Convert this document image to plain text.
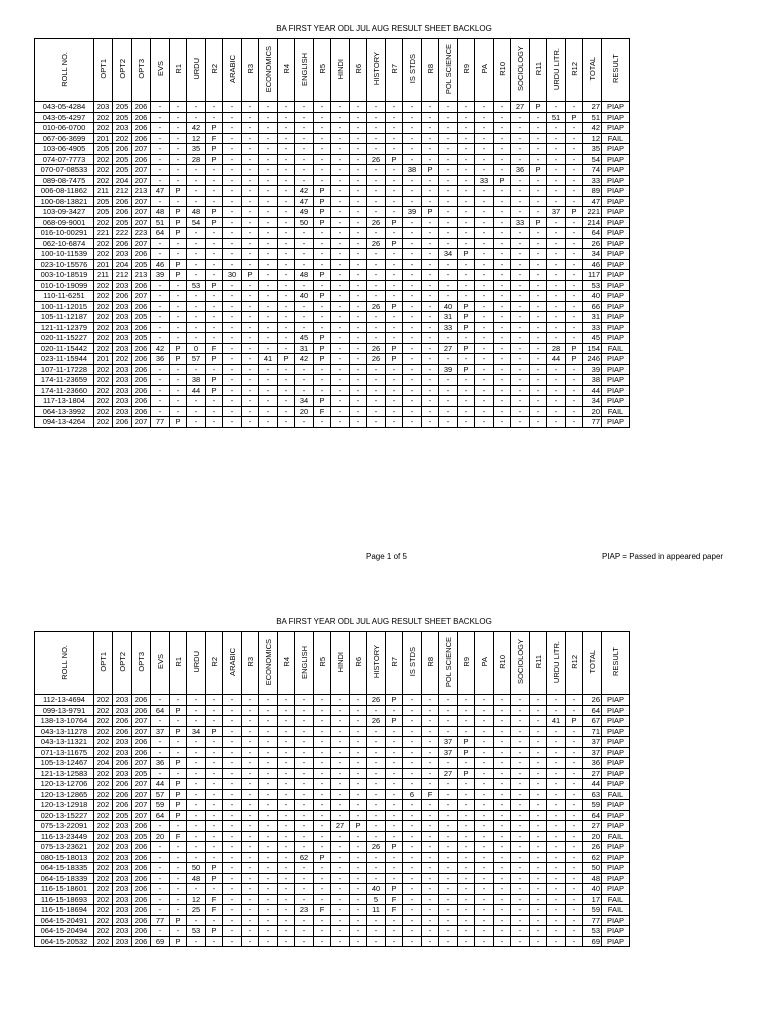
BA FIRST YEAR ODL JUL AUG RESULT SHEET BACKLOG
ROLL NO.	OPT1	OPT2	OPT3	EVS	R1	URDU	R2	ARABIC	R3	ECONOMICS	R4	ENGLISH	R5	HINDI	R6	HISTORY	R7	IS STDS	R8	POL SCIENCE	R9	PA	R10	SOCIOLOGY	R11	URDU LITR.	R12	TOTAL	RESULT
043-05-4284	203	205	206	-	-	-	-	-	-	-	-	-	-	-	-	-	-	-	-	-	-	-	-	27	P	-	-	27	PIAP
043-05-4297	202	205	206	-	-	-	-	-	-	-	-	-	-	-	-	-	-	-	-	-	-	-	-	-	-	51	P	51	PIAP
010-06-0700	202	203	206	-	-	42	P	-	-	-	-	-	-	-	-	-	-	-	-	-	-	-	-	-	-	-	-	42	PIAP
067-06-3699	201	202	206	-	-	12	F	-	-	-	-	-	-	-	-	-	-	-	-	-	-	-	-	-	-	-	-	12	FAIL
103-06-4905	205	206	207	-	-	35	P	-	-	-	-	-	-	-	-	-	-	-	-	-	-	-	-	-	-	-	-	35	PIAP
074-07-7773	202	205	206	-	-	28	P	-	-	-	-	-	-	-	-	26	P	-	-	-	-	-	-	-	-	-	-	54	PIAP
070-07-08533	202	205	207	-	-	-	-	-	-	-	-	-	-	-	-	-	-	38	P	-	-	-	-	36	P	-	-	74	PIAP
089-08-7475	202	204	207	-	-	-	-	-	-	-	-	-	-	-	-	-	-	-	-	-	-	33	P	-	-	-	-	33	PIAP
006-08-11862	211	212	213	47	P	-	-	-	-	-	-	42	P	-	-	-	-	-	-	-	-	-	-	-	-	-	-	89	PIAP
100-08-13821	205	206	207	-	-	-	-	-	-	-	-	47	P	-	-	-	-	-	-	-	-	-	-	-	-	-	-	47	PIAP
103-09-3427	205	206	207	48	P	48	P	-	-	-	-	49	P	-	-	-	-	39	P	-	-	-	-	-	-	37	P	221	PIAP
068-09-9001	202	205	207	51	P	54	P	-	-	-	-	50	P	-	-	26	P	-	-	-	-	-	-	33	P	-	-	214	PIAP
016-10-00291	221	222	223	64	P	-	-	-	-	-	-	-	-	-	-	-	-	-	-	-	-	-	-	-	-	-	-	64	PIAP
062-10-6874	202	206	207	-	-	-	-	-	-	-	-	-	-	-	-	26	P	-	-	-	-	-	-	-	-	-	-	26	PIAP
100-10-11539	202	203	206	-	-	-	-	-	-	-	-	-	-	-	-	-	-	-	-	34	P	-	-	-	-	-	-	34	PIAP
023-10-15576	201	204	205	46	P	-	-	-	-	-	-	-	-	-	-	-	-	-	-	-	-	-	-	-	-	-	-	46	PIAP
003-10-18519	211	212	213	39	P	-	-	30	P	-	-	48	P	-	-	-	-	-	-	-	-	-	-	-	-	-	-	117	PIAP
010-10-19099	202	203	206	-	-	53	P	-	-	-	-	-	-	-	-	-	-	-	-	-	-	-	-	-	-	-	-	53	PIAP
110-11-6251	202	206	207	-	-	-	-	-	-	-	-	40	P	-	-	-	-	-	-	-	-	-	-	-	-	-	-	40	PIAP
100-11-12015	202	203	206	-	-	-	-	-	-	-	-	-	-	-	-	26	P	-	-	40	P	-	-	-	-	-	-	66	PIAP
105-11-12187	202	203	205	-	-	-	-	-	-	-	-	-	-	-	-	-	-	-	-	31	P	-	-	-	-	-	-	31	PIAP
121-11-12379	202	203	206	-	-	-	-	-	-	-	-	-	-	-	-	-	-	-	-	33	P	-	-	-	-	-	-	33	PIAP
020-11-15227	202	203	205	-	-	-	-	-	-	-	-	45	P	-	-	-	-	-	-	-	-	-	-	-	-	-	-	45	PIAP
020-11-15442	202	203	206	42	P	0	F	-	-	-	-	31	P	-	-	26	P	-	-	27	P	-	-	-	-	28	P	154	FAIL
023-11-15944	201	202	206	36	P	57	P	-	-	41	P	42	P	-	-	26	P	-	-	-	-	-	-	-	-	44	P	246	PIAP
107-11-17228	202	203	206	-	-	-	-	-	-	-	-	-	-	-	-	-	-	-	-	39	P	-	-	-	-	-	-	39	PIAP
174-11-23659	202	203	206	-	-	38	P	-	-	-	-	-	-	-	-	-	-	-	-	-	-	-	-	-	-	-	-	38	PIAP
174-11-23660	202	203	206	-	-	44	P	-	-	-	-	-	-	-	-	-	-	-	-	-	-	-	-	-	-	-	-	44	PIAP
117-13-1804	202	203	206	-	-	-	-	-	-	-	-	34	P	-	-	-	-	-	-	-	-	-	-	-	-	-	-	34	PIAP
064-13-3992	202	203	206	-	-	-	-	-	-	-	-	20	F	-	-	-	-	-	-	-	-	-	-	-	-	-	-	20	FAIL
094-13-4264	202	206	207	77	P	-	-	-	-	-	-	-	-	-	-	-	-	-	-	-	-	-	-	-	-	-	-	77	PIAP
Page 1 of 5	PIAP = Passed in appeared paper
BA FIRST YEAR ODL JUL AUG RESULT SHEET BACKLOG
ROLL NO.	OPT1	OPT2	OPT3	EVS	R1	URDU	R2	ARABIC	R3	ECONOMICS	R4	ENGLISH	R5	HINDI	R6	HISTORY	R7	IS STDS	R8	POL SCIENCE	R9	PA	R10	SOCIOLOGY	R11	URDU LITR.	R12	TOTAL	RESULT
112-13-4694	202	203	206	-	-	-	-	-	-	-	-	-	-	-	-	26	P	-	-	-	-	-	-	-	-	-	-	26	PIAP
099-13-9791	202	203	206	64	P	-	-	-	-	-	-	-	-	-	-	-	-	-	-	-	-	-	-	-	-	-	-	64	PIAP
138-13-10764	202	206	207	-	-	-	-	-	-	-	-	-	-	-	-	26	P	-	-	-	-	-	-	-	-	41	P	67	PIAP
043-13-11278	202	206	207	37	P	34	P	-	-	-	-	-	-	-	-	-	-	-	-	-	-	-	-	-	-	-	-	71	PIAP
043-13-11321	202	203	206	-	-	-	-	-	-	-	-	-	-	-	-	-	-	-	-	37	P	-	-	-	-	-	-	37	PIAP
071-13-11675	202	203	206	-	-	-	-	-	-	-	-	-	-	-	-	-	-	-	-	37	P	-	-	-	-	-	-	37	PIAP
105-13-12467	204	206	207	36	P	-	-	-	-	-	-	-	-	-	-	-	-	-	-	-	-	-	-	-	-	-	-	36	PIAP
121-13-12583	202	203	205	-	-	-	-	-	-	-	-	-	-	-	-	-	-	-	-	27	P	-	-	-	-	-	-	27	PIAP
120-13-12706	202	206	207	44	P	-	-	-	-	-	-	-	-	-	-	-	-	-	-	-	-	-	-	-	-	-	-	44	PIAP
120-13-12865	202	206	207	57	P	-	-	-	-	-	-	-	-	-	-	-	-	6	F	-	-	-	-	-	-	-	-	63	FAIL
120-13-12918	202	206	207	59	P	-	-	-	-	-	-	-	-	-	-	-	-	-	-	-	-	-	-	-	-	-	-	59	PIAP
020-13-15227	202	205	207	64	P	-	-	-	-	-	-	-	-	-	-	-	-	-	-	-	-	-	-	-	-	-	-	64	PIAP
075-13-22091	202	203	206	-	-	-	-	-	-	-	-	-	-	27	P	-	-	-	-	-	-	-	-	-	-	-	-	27	PIAP
116-13-23449	202	203	205	20	F	-	-	-	-	-	-	-	-	-	-	-	-	-	-	-	-	-	-	-	-	-	-	20	FAIL
075-13-23621	202	203	206	-	-	-	-	-	-	-	-	-	-	-	-	26	P	-	-	-	-	-	-	-	-	-	-	26	PIAP
080-15-18013	202	203	206	-	-	-	-	-	-	-	-	62	P	-	-	-	-	-	-	-	-	-	-	-	-	-	-	62	PIAP
064-15-18335	202	203	206	-	-	50	P	-	-	-	-	-	-	-	-	-	-	-	-	-	-	-	-	-	-	-	-	50	PIAP
064-15-18339	202	203	206	-	-	48	P	-	-	-	-	-	-	-	-	-	-	-	-	-	-	-	-	-	-	-	-	48	PIAP
116-15-18601	202	203	206	-	-	-	-	-	-	-	-	-	-	-	-	40	P	-	-	-	-	-	-	-	-	-	-	40	PIAP
116-15-18693	202	203	206	-	-	12	F	-	-	-	-	-	-	-	-	5	F	-	-	-	-	-	-	-	-	-	-	17	FAIL
116-15-18694	202	203	206	-	-	25	F	-	-	-	-	23	F	-	-	11	F	-	-	-	-	-	-	-	-	-	-	59	FAIL
064-15-20491	202	203	206	77	P	-	-	-	-	-	-	-	-	-	-	-	-	-	-	-	-	-	-	-	-	-	-	77	PIAP
064-15-20494	202	203	206	-	-	53	P	-	-	-	-	-	-	-	-	-	-	-	-	-	-	-	-	-	-	-	-	53	PIAP
064-15-20532	202	203	206	69	P	-	-	-	-	-	-	-	-	-	-	-	-	-	-	-	-	-	-	-	-	-	-	69	PIAP
